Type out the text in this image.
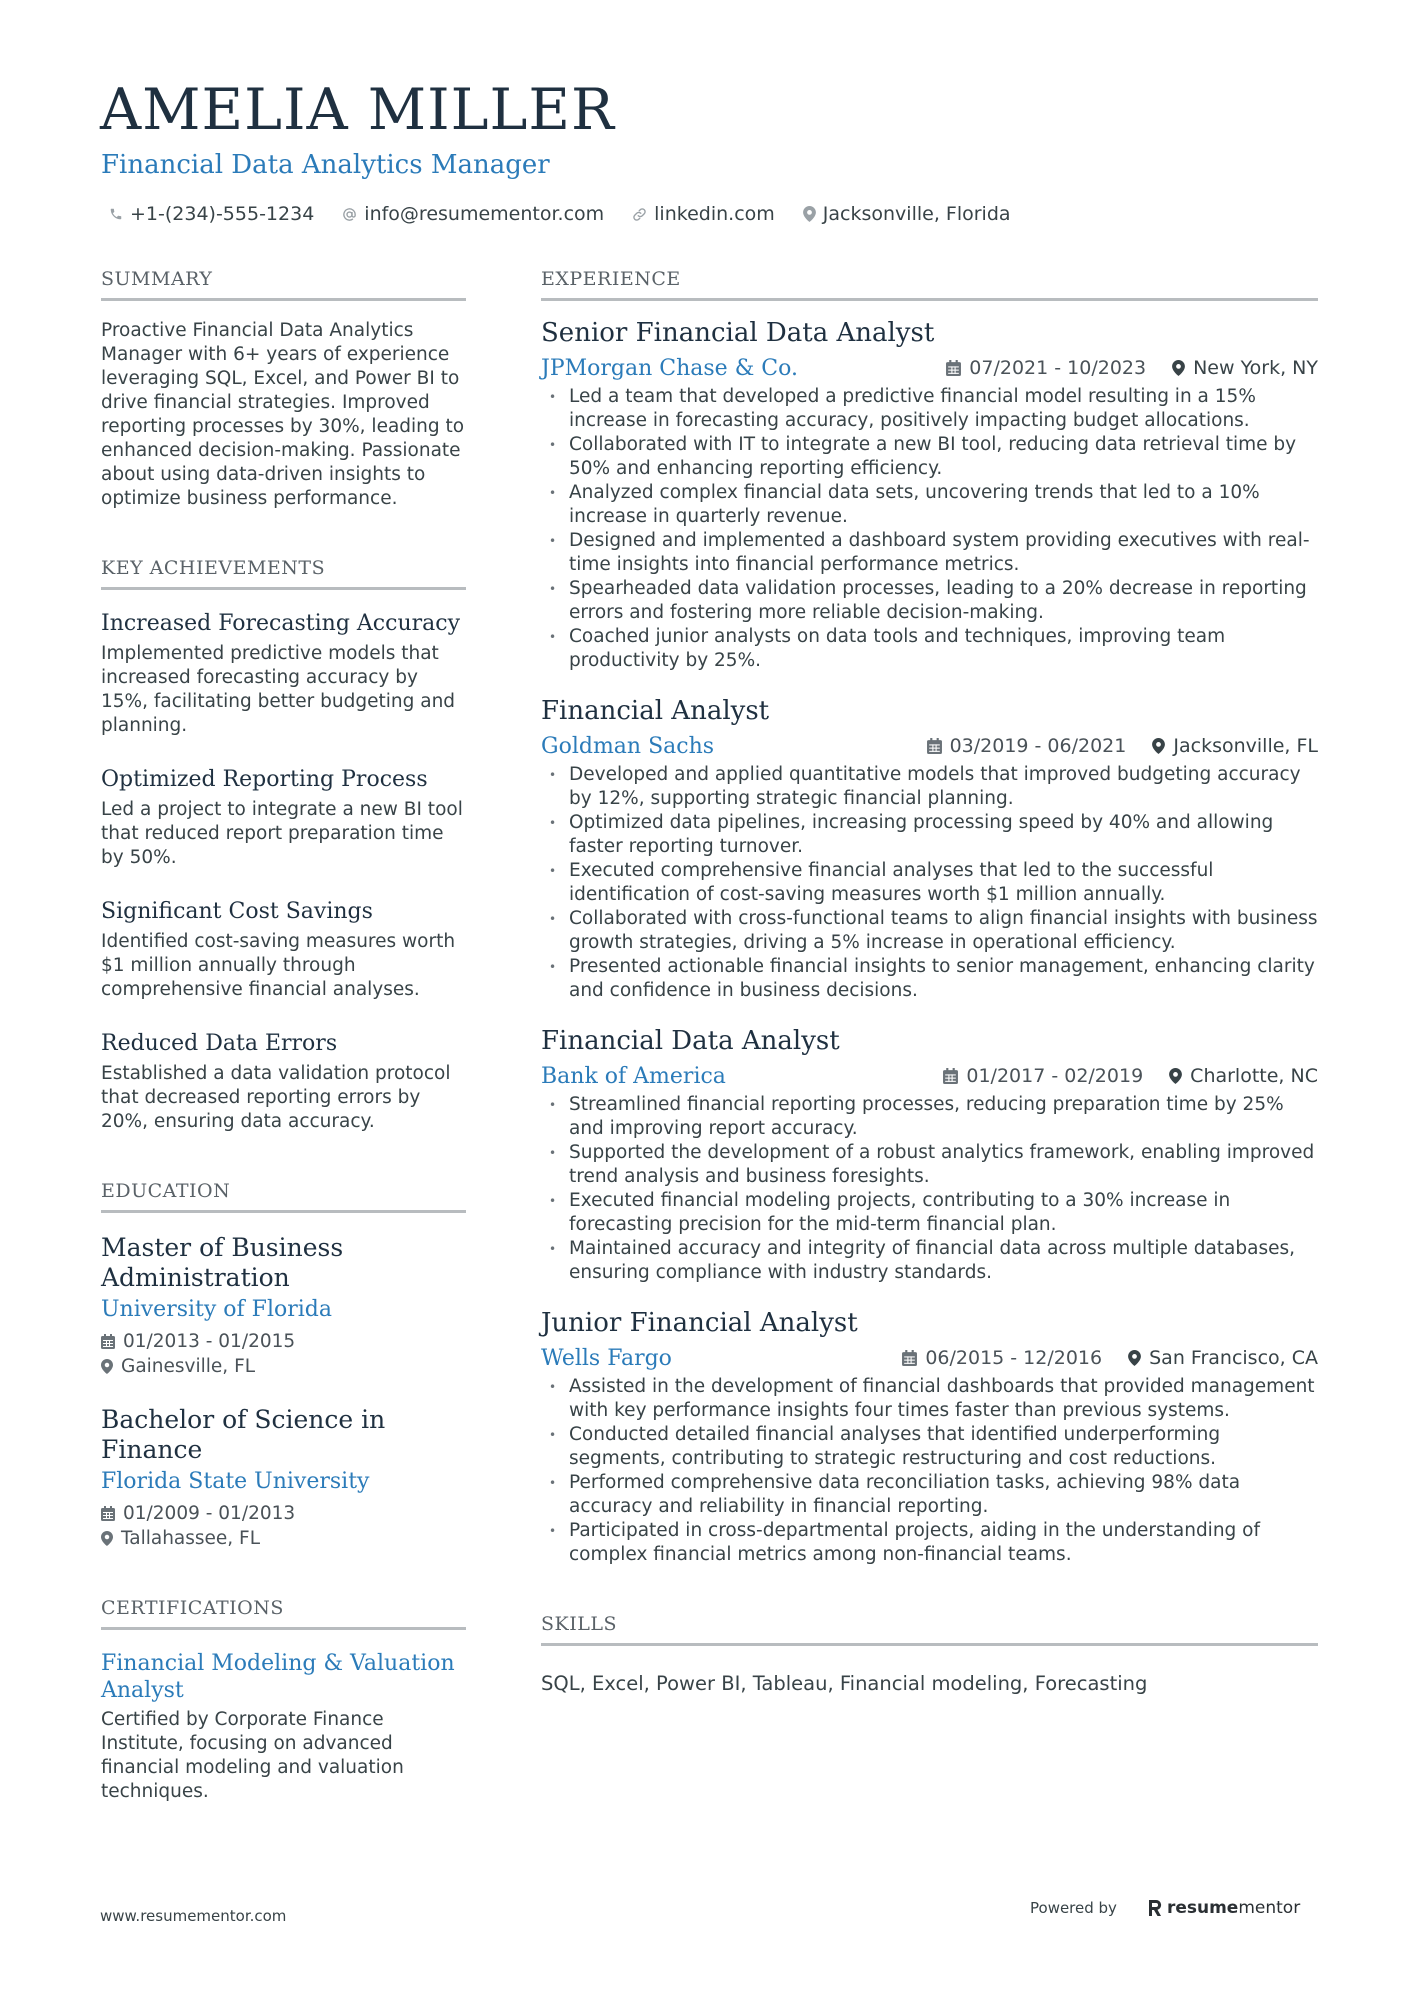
AMELIA MILLER
Financial Data Analytics Manager
+1-(234)-555-1234	info@resumementor.com	linkedin.com	Jacksonville, Florida
SUMMARY

Proactive Financial Data Analytics Manager with 6+ years of experience leveraging SQL, Excel, and Power BI to drive financial strategies. Improved reporting processes by 30%, leading to enhanced decision-making. Passionate about using data-driven insights to optimize business performance.

KEY ACHIEVEMENTS
Increased Forecasting Accuracy

Implemented predictive models that increased forecasting accuracy by 15%, facilitating better budgeting and planning.

Optimized Reporting Process

Led a project to integrate a new BI tool that reduced report preparation time by 50%.

Significant Cost Savings

Identified cost-saving measures worth $1 million annually through comprehensive financial analyses.

Reduced Data Errors

Established a data validation protocol that decreased reporting errors by 20%, ensuring data accuracy.

EDUCATION
Master of Business Administration
University of Florida
01/2013 - 01/2015
Gainesville, FL
Bachelor of Science in Finance
Florida State University
01/2009 - 01/2013
Tallahassee, FL
CERTIFICATIONS
Financial Modeling & Valuation Analyst

Certified by Corporate Finance Institute, focusing on advanced financial modeling and valuation techniques.

EXPERIENCE
Senior Financial Data Analyst
JPMorgan Chase & Co.	07/2021 - 10/2023 New York, NY
• Led a team that developed a predictive financial model resulting in a 15% increase in forecasting accuracy, positively impacting budget allocations.
• Collaborated with IT to integrate a new BI tool, reducing data retrieval time by 50% and enhancing reporting efficiency.
• Analyzed complex financial data sets, uncovering trends that led to a 10% increase in quarterly revenue.
• Designed and implemented a dashboard system providing executives with real-time insights into financial performance metrics.
• Spearheaded data validation processes, leading to a 20% decrease in reporting errors and fostering more reliable decision-making.
• Coached junior analysts on data tools and techniques, improving team productivity by 25%.
Financial Analyst
Goldman Sachs	03/2019 - 06/2021 Jacksonville, FL
• Developed and applied quantitative models that improved budgeting accuracy by 12%, supporting strategic financial planning.
• Optimized data pipelines, increasing processing speed by 40% and allowing faster reporting turnover.
• Executed comprehensive financial analyses that led to the successful identification of cost-saving measures worth $1 million annually.
• Collaborated with cross-functional teams to align financial insights with business growth strategies, driving a 5% increase in operational efficiency.
• Presented actionable financial insights to senior management, enhancing clarity and confidence in business decisions.
Financial Data Analyst
Bank of America	01/2017 - 02/2019 Charlotte, NC
• Streamlined financial reporting processes, reducing preparation time by 25% and improving report accuracy.
• Supported the development of a robust analytics framework, enabling improved trend analysis and business foresights.
• Executed financial modeling projects, contributing to a 30% increase in forecasting precision for the mid-term financial plan.
• Maintained accuracy and integrity of financial data across multiple databases, ensuring compliance with industry standards.
Junior Financial Analyst
Wells Fargo	06/2015 - 12/2016 San Francisco, CA
• Assisted in the development of financial dashboards that provided management with key performance insights four times faster than previous systems.
• Conducted detailed financial analyses that identified underperforming segments, contributing to strategic restructuring and cost reductions.
• Performed comprehensive data reconciliation tasks, achieving 98% data accuracy and reliability in financial reporting.
• Participated in cross-departmental projects, aiding in the understanding of complex financial metrics among non-financial teams.
SKILLS

SQL, Excel, Power BI, Tableau, Financial modeling, Forecasting

www.resumementor.com	Powered by	resume mentor
